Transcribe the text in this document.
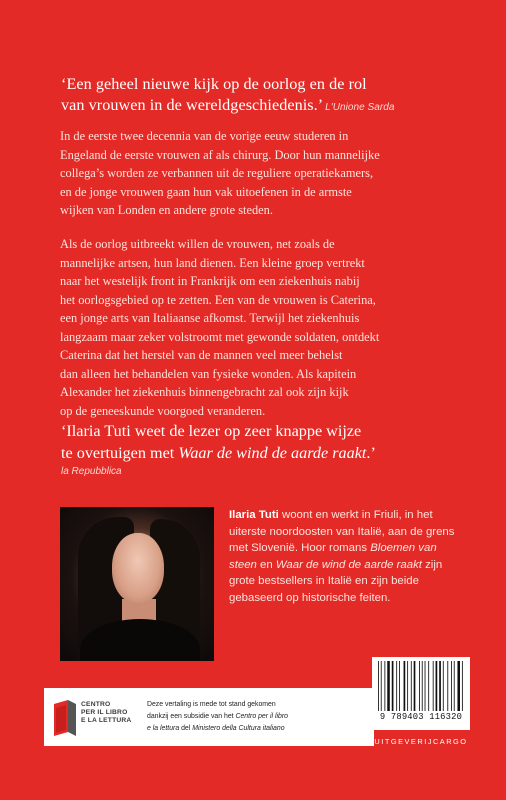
‘Een geheel nieuwe kijk op de oorlog en de rol
van vrouwen in de wereldgeschiedenis.’ L'Unione Sarda
In de eerste twee decennia van de vorige eeuw studeren in
Engeland de eerste vrouwen af als chirurg. Door hun mannelijke
collega’s worden ze verbannen uit de reguliere operatiekamers,
en de jonge vrouwen gaan hun vak uitoefenen in de armste
wijken van Londen en andere grote steden.
Als de oorlog uitbreekt willen de vrouwen, net zoals de
mannelijke artsen, hun land dienen. Een kleine groep vertrekt
naar het westelijk front in Frankrijk om een ziekenhuis nabij
het oorlogsgebied op te zetten. Een van de vrouwen is Caterina,
een jonge arts van Italiaanse afkomst. Terwijl het ziekenhuis
langzaam maar zeker volstroomt met gewonde soldaten, ontdekt
Caterina dat het herstel van de mannen veel meer behelst
dan alleen het behandelen van fysieke wonden. Als kapitein
Alexander het ziekenhuis binnengebracht zal ook zijn kijk
op de geneeskunde voorgoed veranderen.
‘Ilaria Tuti weet de lezer op zeer knappe wijze
te overtuigen met Waar de wind de aarde raakt.’
la Repubblica
Ilaria Tuti woont en werkt in Friuli, in het uiterste noordoosten van Italië, aan de grens met Slovenië. Hoor romans Bloemen van steen en Waar de wind de aarde raakt zijn grote bestsellers in Italië en zijn beide gebaseerd op historische feiten.
CENTRO
PER IL LIBRO
E LA LETTURA
Deze vertaling is mede tot stand gekomen
dankzij een subsidie van het Centro per il libro
e la lettura del Ministero della Cultura italiano
9 789403 116320
UITGEVERIJCARGO
